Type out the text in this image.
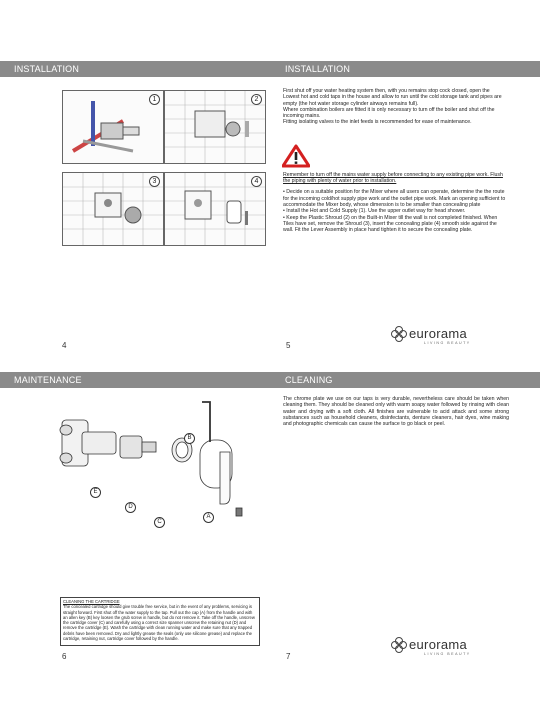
INSTALLATION
1	2
3	4
4
INSTALLATION

First shut off your water heating system then, with you remains stop cock closed, open the Lowest hot and cold taps in the house and allow to run until the cold storage tank and pipes are empty (the hot water storage cylinder airways remains full).

Where combination boilers are fitted it is only necessary to turn off the boiler and shut off the incoming mains.

Fitting isolating valves to the inlet feeds is recommended for ease of maintenance.

Remember to turn off the mains water supply before connecting to any existing pipe work. Flush the piping with plenty of water prior to installation.

• Decide on a suitable position for the Mixer where all users can operate, determine the the route for the incoming cold/hot supply pipe work and the outlet pipe work. Mark an opening sufficient to accommodate the Mixer body, whose dimension is to be smaller than concealing plate

• Install the Hot and Cold Supply (1). Use the upper outlet way for head shower.

• Keep the Plastic Shroud (2) on the Built-in Mixer till the wall is not completed finished. When Tiles have set, remove the Shroud (3), insert the concealing plate (4) smooth side against the wall. Fit the Lever Assembly in place hand tighten it to secure the concealing plate.

eurorama
LIVING BEAUTY
5
MAINTENANCE
A
B
C
D
E
CLEANING THE CARTRIDGE
The concealed cartridge should give trouble free service, but in the event of any problems, servicing is straight forward. First shut off the water supply to the tap. Pull out the cap (A) from the handle and with an allen key (B) key loosen the grub screw in handle, but do not remove it. Take off the handle, unscrew the cartridge cover (C) and carefully using a correct size spanner unscrew the retaining nut (D) and remove the cartridge (E). Wash the cartridge with clean running water and make sure that any trapped debris have been removed. Dry and lightly grease the seals (only use silicone grease) and replace the cartridge, retaining nut, cartridge cover followed by the handle.
6
CLEANING
The chrome plate we use on our taps is very durable, nevertheless care should be taken when cleaning them. They should be cleaned only with warm soapy water followed by rinsing with clean water and drying with a soft cloth. All finishes are vulnerable to acid attack and some strong substances such as household cleaners, disinfectants, denture cleaners, hair dyes, wine making and photographic chemicals can cause the surface to go black or peel.
eurorama
LIVING BEAUTY
7
